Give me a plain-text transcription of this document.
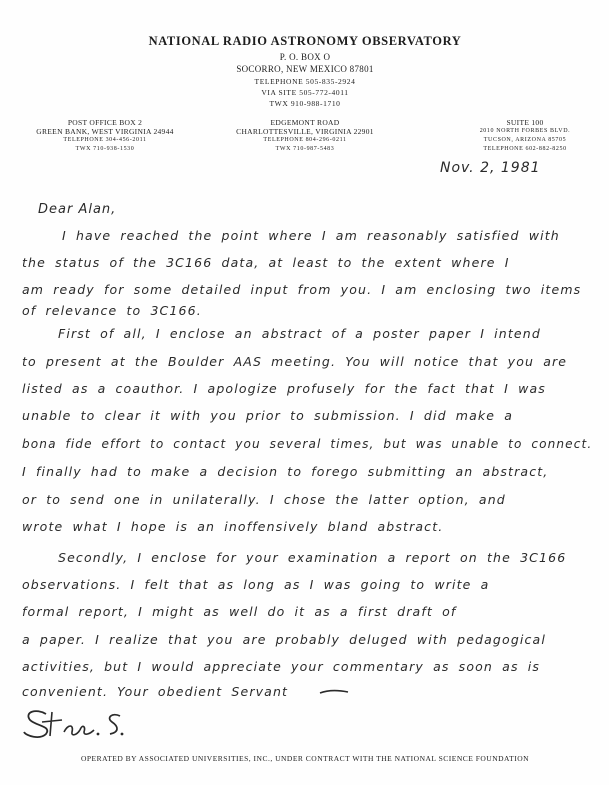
NATIONAL RADIO ASTRONOMY OBSERVATORY
P. O. BOX O
SOCORRO, NEW MEXICO 87801
TELEPHONE 505-835-2924
VIA SITE 505-772-4011
TWX 910-988-1710
POST OFFICE BOX 2
GREEN BANK, WEST VIRGINIA 24944
TELEPHONE 304-456-2011
TWX 710-938-1530
EDGEMONT ROAD
CHARLOTTESVILLE, VIRGINIA 22901
TELEPHONE 804-296-0211
TWX 710-987-5483
SUITE 100
2010 NORTH FORBES BLVD.
TUCSON, ARIZONA 85705
TELEPHONE 602-882-8250
Nov. 2, 1981
Dear Alan,
I have reached the point where I am reasonably satisfied with
the status of the 3C166 data, at least to the extent where I
am ready for some detailed input from you. I am enclosing two items
of relevance to 3C166.
First of all, I enclose an abstract of a poster paper I intend
to present at the Boulder AAS meeting. You will notice that you are
listed as a coauthor. I apologize profusely for the fact that I was
unable to clear it with you prior to submission. I did make a
bona fide effort to contact you several times, but was unable to connect.
I finally had to make a decision to forego submitting an abstract,
or to send one in unilaterally. I chose the latter option, and
wrote what I hope is an inoffensively bland abstract.
Secondly, I enclose for your examination a report on the 3C166
observations. I felt that as long as I was going to write a
formal report, I might as well do it as a first draft of
a paper. I realize that you are probably deluged with pedagogical
activities, but I would appreciate your commentary as soon as is
convenient. Your obedient Servant
OPERATED BY ASSOCIATED UNIVERSITIES, INC., UNDER CONTRACT WITH THE NATIONAL SCIENCE FOUNDATION
